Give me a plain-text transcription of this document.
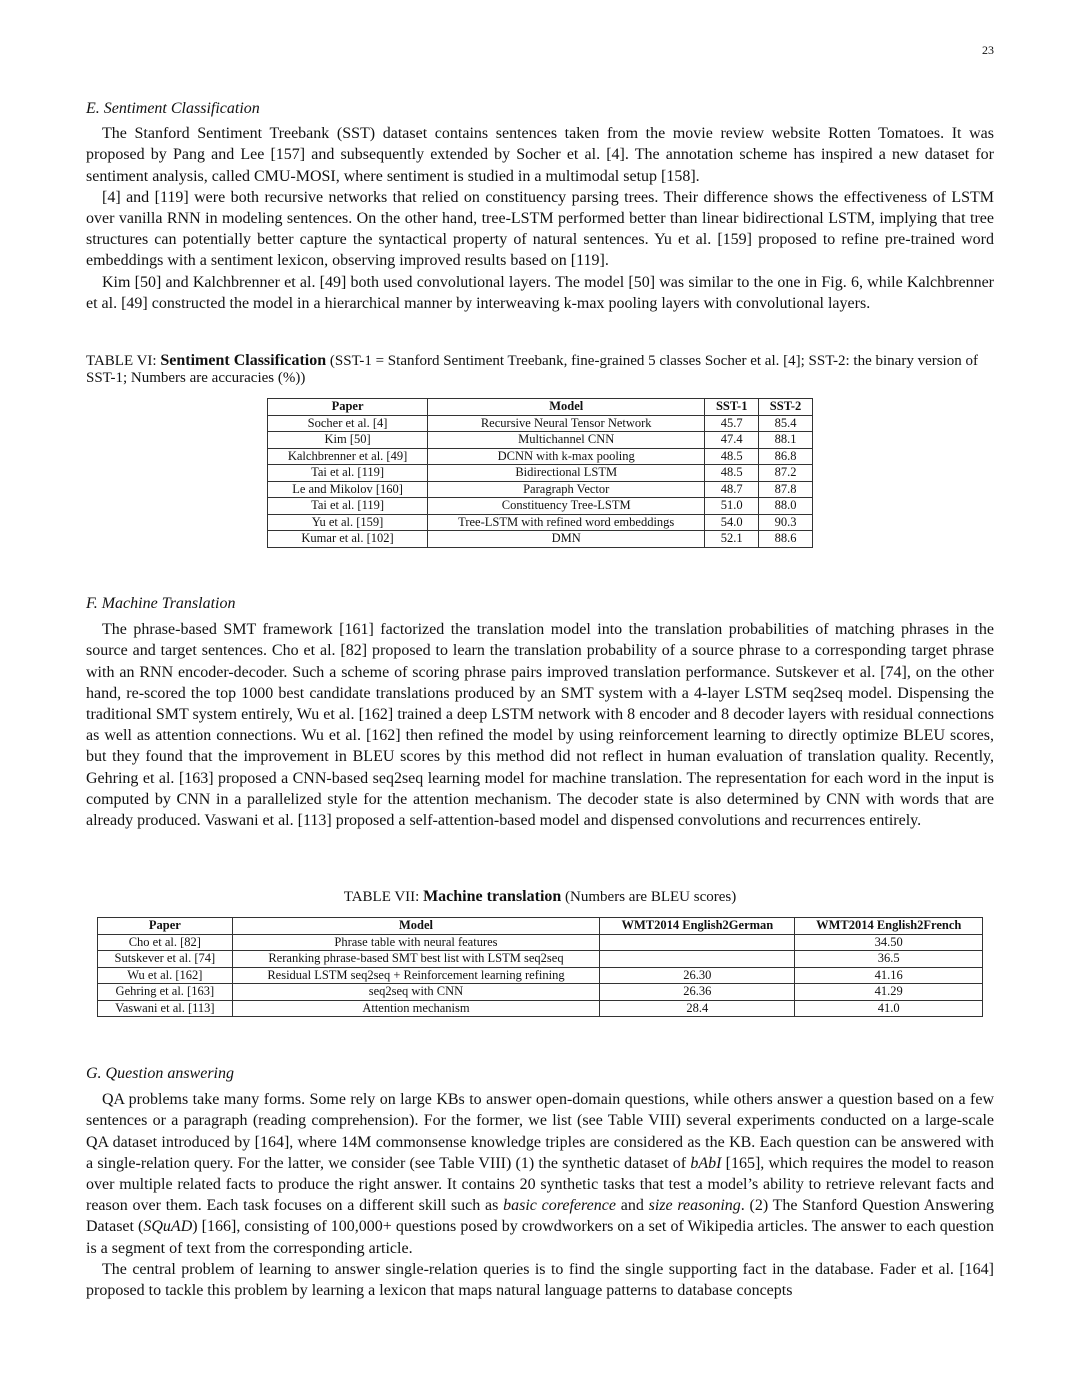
23
E. Sentiment Classification

The Stanford Sentiment Treebank (SST) dataset contains sentences taken from the movie review website Rotten Tomatoes. It was proposed by Pang and Lee [157] and subsequently extended by Socher et al. [4]. The annotation scheme has inspired a new dataset for sentiment analysis, called CMU-MOSI, where sentiment is studied in a multimodal setup [158].

[4] and [119] were both recursive networks that relied on constituency parsing trees. Their difference shows the effectiveness of LSTM over vanilla RNN in modeling sentences. On the other hand, tree-LSTM performed better than linear bidirectional LSTM, implying that tree structures can potentially better capture the syntactical property of natural sentences. Yu et al. [159] proposed to refine pre-trained word embeddings with a sentiment lexicon, observing improved results based on [119].

Kim [50] and Kalchbrenner et al. [49] both used convolutional layers. The model [50] was similar to the one in Fig. 6, while Kalchbrenner et al. [49] constructed the model in a hierarchical manner by interweaving k-max pooling layers with convolutional layers.

TABLE VI: Sentiment Classification (SST-1 = Stanford Sentiment Treebank, fine-grained 5 classes Socher et al. [4]; SST-2: the binary version of SST-1; Numbers are accuracies (%))
Paper	Model	SST-1	SST-2
Socher et al. [4]	Recursive Neural Tensor Network	45.7	85.4
Kim [50]	Multichannel CNN	47.4	88.1
Kalchbrenner et al. [49]	DCNN with k-max pooling	48.5	86.8
Tai et al. [119]	Bidirectional LSTM	48.5	87.2
Le and Mikolov [160]	Paragraph Vector	48.7	87.8
Tai et al. [119]	Constituency Tree-LSTM	51.0	88.0
Yu et al. [159]	Tree-LSTM with refined word embeddings	54.0	90.3
Kumar et al. [102]	DMN	52.1	88.6
F. Machine Translation

The phrase-based SMT framework [161] factorized the translation model into the translation probabilities of matching phrases in the source and target sentences. Cho et al. [82] proposed to learn the translation probability of a source phrase to a corresponding target phrase with an RNN encoder-decoder. Such a scheme of scoring phrase pairs improved translation performance. Sutskever et al. [74], on the other hand, re-scored the top 1000 best candidate translations produced by an SMT system with a 4-layer LSTM seq2seq model. Dispensing the traditional SMT system entirely, Wu et al. [162] trained a deep LSTM network with 8 encoder and 8 decoder layers with residual connections as well as attention connections. Wu et al. [162] then refined the model by using reinforcement learning to directly optimize BLEU scores, but they found that the improvement in BLEU scores by this method did not reflect in human evaluation of translation quality. Recently, Gehring et al. [163] proposed a CNN-based seq2seq learning model for machine translation. The representation for each word in the input is computed by CNN in a parallelized style for the attention mechanism. The decoder state is also determined by CNN with words that are already produced. Vaswani et al. [113] proposed a self-attention-based model and dispensed convolutions and recurrences entirely.

TABLE VII: Machine translation (Numbers are BLEU scores)
Paper	Model	WMT2014 English2German	WMT2014 English2French
Cho et al. [82]	Phrase table with neural features		34.50
Sutskever et al. [74]	Reranking phrase-based SMT best list with LSTM seq2seq		36.5
Wu et al. [162]	Residual LSTM seq2seq + Reinforcement learning refining	26.30	41.16
Gehring et al. [163]	seq2seq with CNN	26.36	41.29
Vaswani et al. [113]	Attention mechanism	28.4	41.0
G. Question answering

QA problems take many forms. Some rely on large KBs to answer open-domain questions, while others answer a question based on a few sentences or a paragraph (reading comprehension). For the former, we list (see Table VIII) several experiments conducted on a large-scale QA dataset introduced by [164], where 14M commonsense knowledge triples are considered as the KB. Each question can be answered with a single-relation query. For the latter, we consider (see Table VIII) (1) the synthetic dataset of bAbI [165], which requires the model to reason over multiple related facts to produce the right answer. It contains 20 synthetic tasks that test a model’s ability to retrieve relevant facts and reason over them. Each task focuses on a different skill such as basic coreference and size reasoning. (2) The Stanford Question Answering Dataset (SQuAD) [166], consisting of 100,000+ questions posed by crowdworkers on a set of Wikipedia articles. The answer to each question is a segment of text from the corresponding article.

The central problem of learning to answer single-relation queries is to find the single supporting fact in the database. Fader et al. [164] proposed to tackle this problem by learning a lexicon that maps natural language patterns to database concepts
